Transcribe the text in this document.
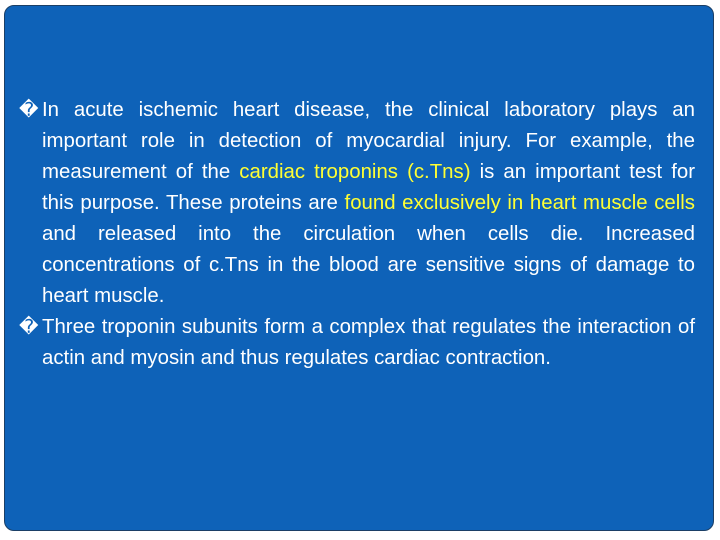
� In acute ischemic heart disease, the clinical laboratory plays an important role in detection of myocardial injury. For example, the measurement of the cardiac troponins (c.Tns) is an important test for this purpose. These proteins are found exclusively in heart muscle cells and released into the circulation when cells die. Increased concentrations of c.Tns in the blood are sensitive signs of damage to heart muscle.

� Three troponin subunits form a complex that regulates the interaction of actin and myosin and thus regulates cardiac contraction.
